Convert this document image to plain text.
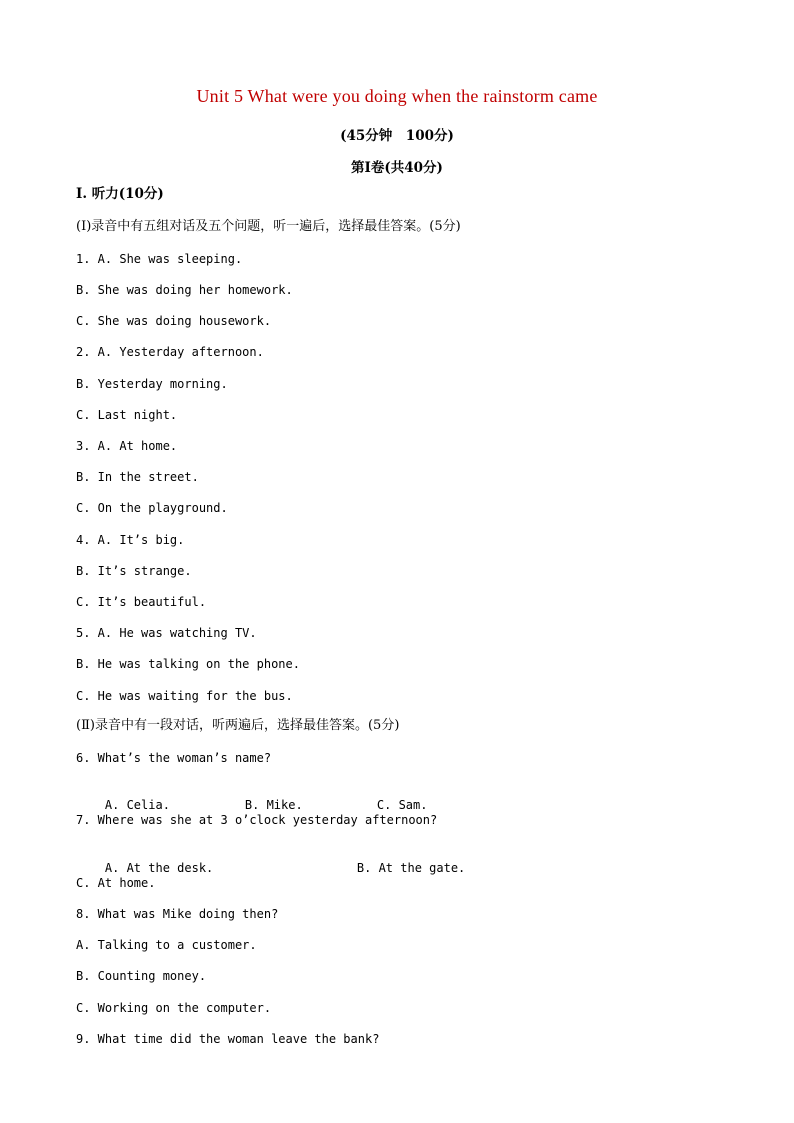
Unit 5 What were you doing when the rainstorm came
(45分钟　100分)
第Ⅰ卷(共40分)
Ⅰ. 听力(10分)
(Ⅰ)录音中有五组对话及五个问题，听一遍后，选择最佳答案。(5分)
1. A. She was sleeping.
B. She was doing her homework.
C. She was doing housework.
2. A. Yesterday afternoon.
B. Yesterday morning.
C. Last night.
3. A. At home.
B. In the street.
C. On the playground.
4. A. It’s big.
B. It’s strange.
C. It’s beautiful.
5. A. He was watching TV.
B. He was talking on the phone.
C. He was waiting for the bus.
(Ⅱ)录音中有一段对话，听两遍后，选择最佳答案。(5分)
6. What’s the woman’s name?

A. Celia.	B. Mike.	C. Sam.

7. Where was she at 3 o’clock yesterday afternoon?

A. At the desk.	B. At the gate.

C. At home.
8. What was Mike doing then?
A. Talking to a customer.
B. Counting money.
C. Working on the computer.
9. What time did the woman leave the bank?
